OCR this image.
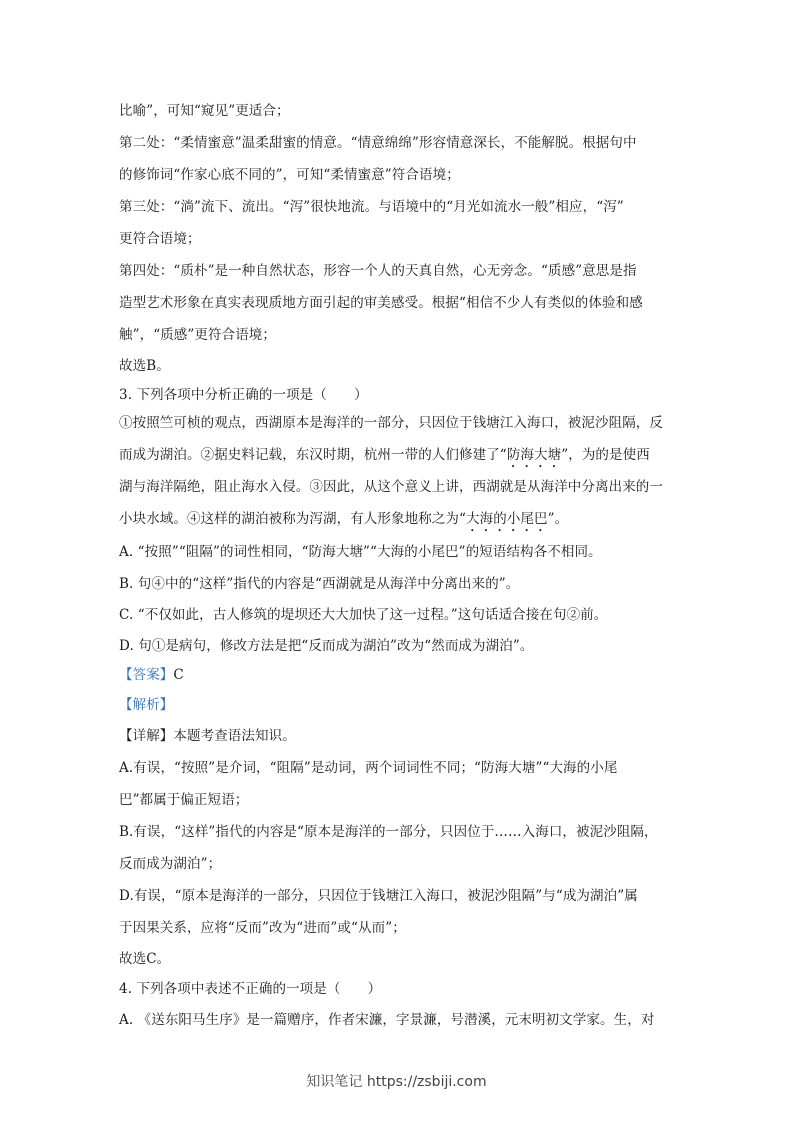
比喻”，可知“窥见”更适合；
第二处：“柔情蜜意”温柔甜蜜的情意。“情意绵绵”形容情意深长，不能解脱。根据句中
的修饰词“作家心底不同的”，可知“柔情蜜意”符合语境；
第三处：“淌”流下、流出。“泻”很快地流。与语境中的“月光如流水一般”相应，“泻”
更符合语境；
第四处：“质朴”是一种自然状态，形容一个人的天真自然，心无旁念。“质感”意思是指
造型艺术形象在真实表现质地方面引起的审美感受。根据“相信不少人有类似的体验和感
触”，“质感”更符合语境；
故选B。
3. 下列各项中分析正确的一项是（　　）
①按照竺可桢的观点，西湖原本是海洋的一部分，只因位于钱塘江入海口，被泥沙阻隔，反
而成为湖泊。②据史料记载，东汉时期，杭州一带的人们修建了“防海大塘”，为的是使西
湖与海洋隔绝，阻止海水入侵。③因此，从这个意义上讲，西湖就是从海洋中分离出来的一
小块水域。④这样的湖泊被称为泻湖，有人形象地称之为“大海的小尾巴”。
A. “按照”“阻隔”的词性相同，“防海大塘”“大海的小尾巴”的短语结构各不相同。
B. 句④中的“这样”指代的内容是“西湖就是从海洋中分离出来的”。
C. “不仅如此，古人修筑的堤坝还大大加快了这一过程。”这句话适合接在句②前。
D. 句①是病句，修改方法是把“反而成为湖泊”改为“然而成为湖泊”。
【答案】C
【解析】
【详解】本题考查语法知识。
A.有误，“按照”是介词，“阻隔”是动词，两个词词性不同；“防海大塘”“大海的小尾
巴”都属于偏正短语；
B.有误，“这样”指代的内容是“原本是海洋的一部分，只因位于……入海口，被泥沙阻隔，
反而成为湖泊”；
D.有误，“原本是海洋的一部分，只因位于钱塘江入海口，被泥沙阻隔”与“成为湖泊”属
于因果关系，应将“反而”改为“进而”或“从而”；
故选C。
4. 下列各项中表述不正确的一项是（　　）
A. 《送东阳马生序》是一篇赠序，作者宋濂，字景濂，号潜溪，元末明初文学家。生，对
知识笔记 https://zsbiji.com
